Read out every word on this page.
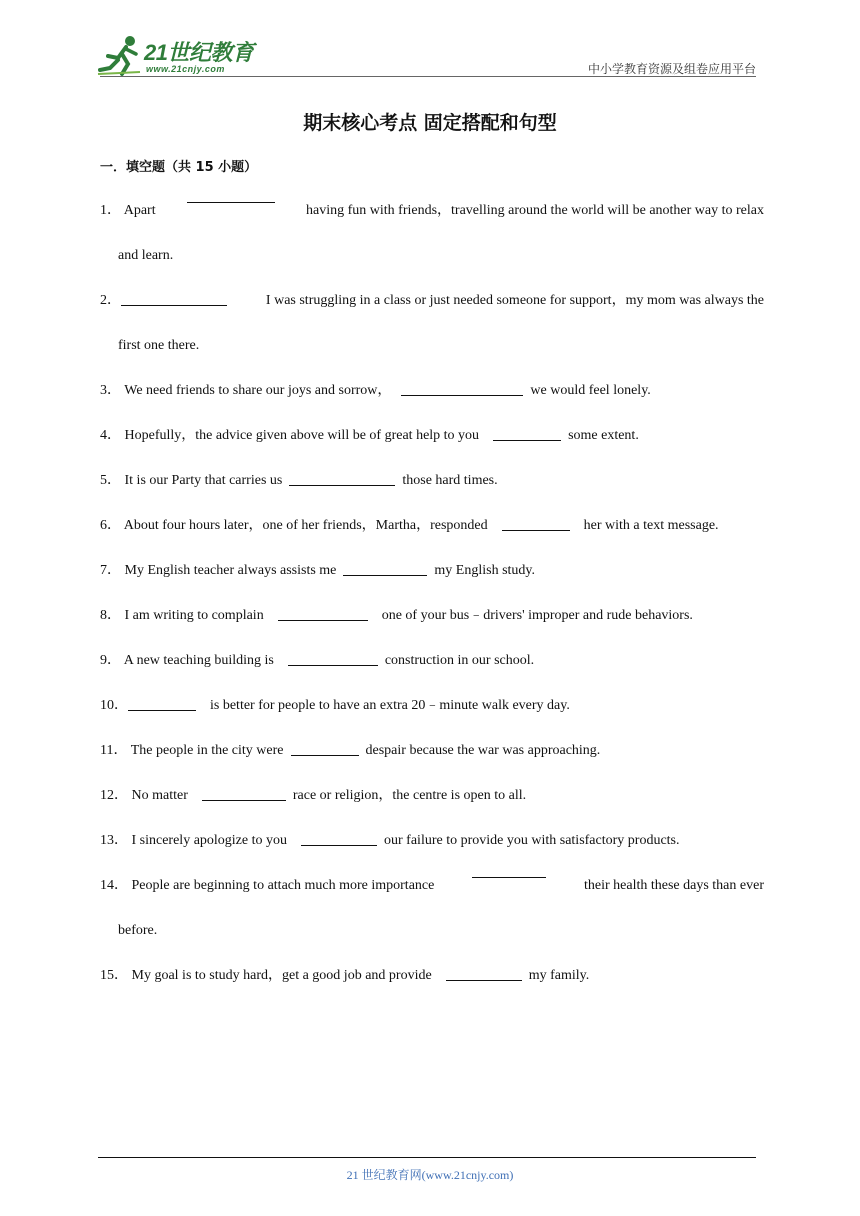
21世纪教育
www.21cnjy.com	中小学教育资源及组卷应用平台
期末核心考点 固定搭配和句型
一．填空题（共 15 小题）
1． Apart	having fun with friends，travelling around the world will be another way to relax
and learn.
2．	I was struggling in a class or just needed someone for support，my mom was always the
first one there.
3． We need friends to share our joys and sorrow，	we would feel lonely.
4． Hopefully，the advice given above will be of great help to you	some extent.
5． It is our Party that carries us	those hard times.
6． About four hours later，one of her friends，Martha，responded	her with a text message.
7． My English teacher always assists me	my English study.
8． I am writing to complain	one of your bus﹣drivers' improper and rude behaviors.
9． A new teaching building is	construction in our school.
10．	is better for people to have an extra 20﹣minute walk every day.
11． The people in the city were	despair because the war was approaching.
12． No matter	race or religion，the centre is open to all.
13． I sincerely apologize to you	our failure to provide you with satisfactory products.
14． People are beginning to attach much more importance	their health these days than ever
before.
15． My goal is to study hard，get a good job and provide	my family.
21 世纪教育网(www.21cnjy.com)
